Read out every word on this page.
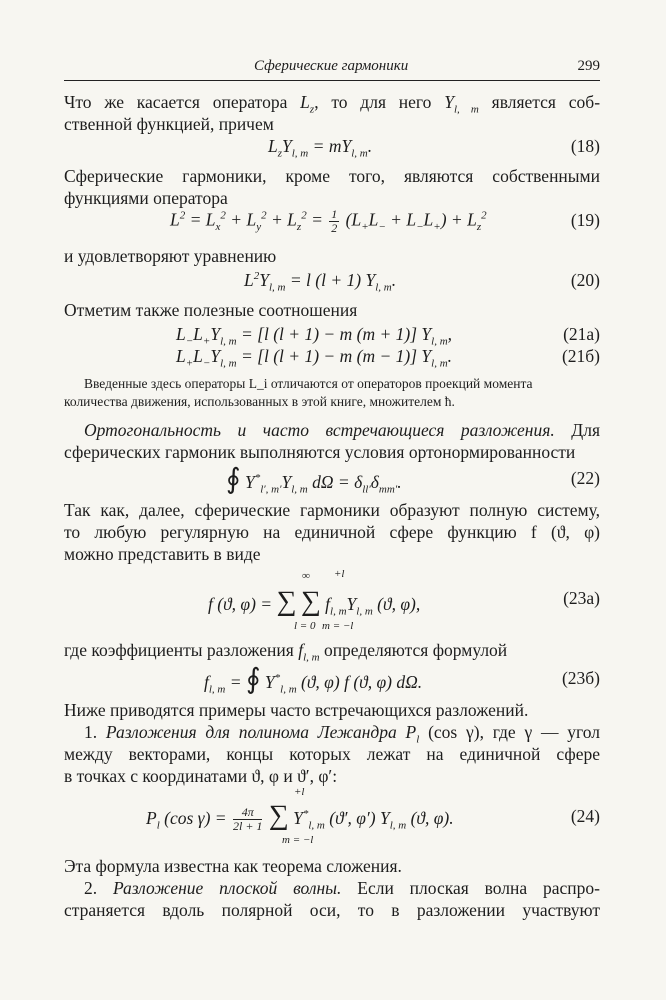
Сферические гармоники	299
Что же касается оператора $L_z$, то для него $Y_{l, m}$ является соб-
ственной функцией, причем
$L_zY_{l, m} = mY_{l, m}$.	(18)
Сферические гармоники, кроме того, являются собственными
функциями оператора
$L^2 = L_x^2 + L_y^2 + L_z^2 = \frac{1}{2} (L_+L_- + L_-L_+) + L_z^2$	(19)
и удовлетворяют уравнению
$L^2Y_{l, m} = l$ (l + 1) $Y_{l, m}$.	(20)
Отметим также полезные соотношения
$L_-L_+Y_{l, m} = [l$ (l + 1) − m (m + 1)] $Y_{l, m}$,	(21а)
$L_+L_-Y_{l, m} = [l$ (l + 1) − m (m − 1)] $Y_{l, m}$.	(21б)
Введенные здесь операторы L_i отличаются от операторов проекций момента
количества движения, использованных в этой книге, множителем ħ.
Ортогональность и часто встречающиеся разложения. Для
сферических гармоник выполняются условия ортонормированности
∮ $Y^*_{l', m'}Y_{l, m}$ $d\Omega = \delta_{ll'}\delta_{mm'}$.	(22)
Так как, далее, сферические гармоники образуют полную систему,
то любую регулярную на единичной сфере функцию f (ϑ, φ)
можно представить в виде
f (ϑ, φ) = ∑ ∑ $f_{l, m}Y_{l, m}$ (ϑ, φ),
∞
l = 0
+l
m = −l
(23а)
где коэффициенты разложения $f_{l, m}$ определяются формулой
$f_{l, m}$ = ∮ $Y^*_{l, m}$ (ϑ, φ) f (ϑ, φ) dΩ.	(23б)
Ниже приводятся примеры часто встречающихся разложений.
1. Разложения для полинома Лежандра $P_l$ (cos γ), где γ — угол
между векторами, концы которых лежат на единичной сфере
в точках с координатами ϑ, φ и ϑ′, φ′:
$P_l$ (cos $\gamma) = \frac{4\pi}{2l + 1}$ ∑ $Y^*_{l, m}$ (ϑ′, φ′) $Y_{l, m}$ (ϑ, φ).
+l
m = −l
(24)
Эта формула известна как теорема сложения.
2. Разложение плоской волны. Если плоская волна распро-
страняется вдоль полярной оси, то в разложении участвуют
